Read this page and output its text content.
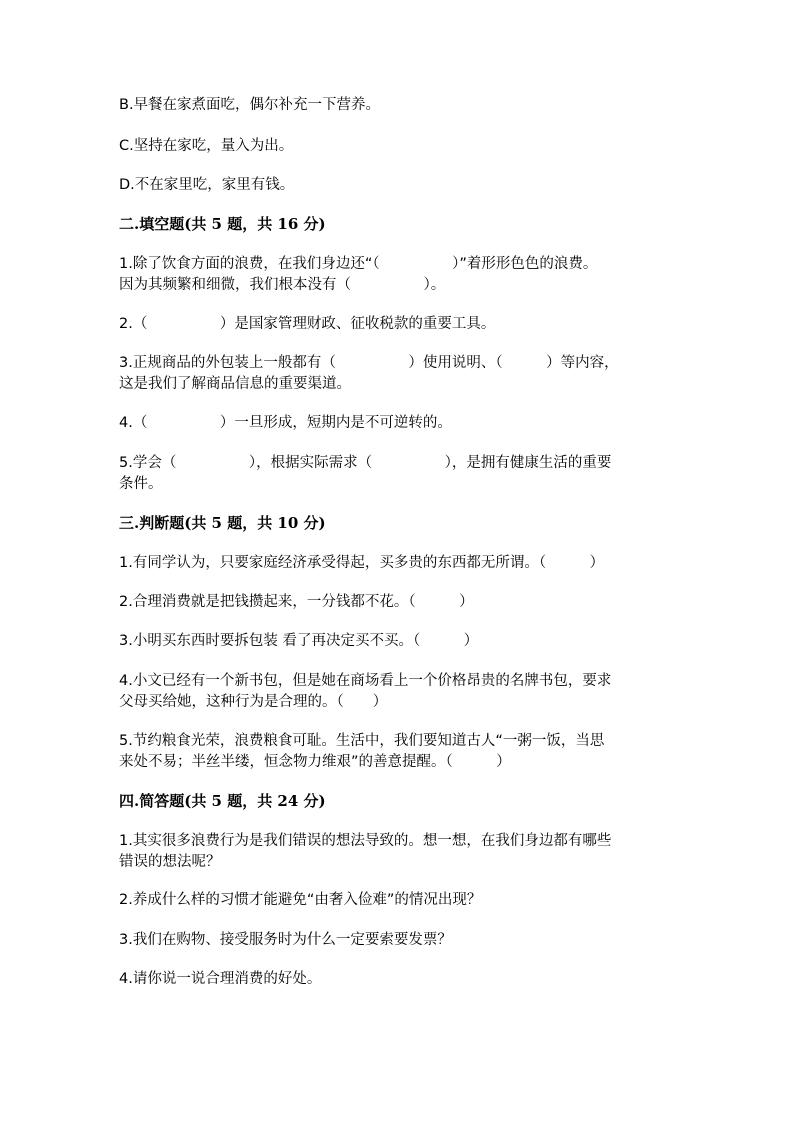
B.早餐在家煮面吃，偶尔补充一下营养。
C.坚持在家吃，量入为出。
D.不在家里吃，家里有钱。
二.填空题(共 5 题，共 16 分)
1.除了饮食方面的浪费，在我们身边还“（　　　　　）”着形形色色的浪费。
因为其频繁和细微，我们根本没有（　　　　　）。
2.（　　　　　）是国家管理财政、征收税款的重要工具。
3.正规商品的外包装上一般都有（　　　　　）使用说明、（　　　）等内容，
这是我们了解商品信息的重要渠道。
4.（　　　　　）一旦形成，短期内是不可逆转的。
5.学会（　　　　　），根据实际需求（　　　　　），是拥有健康生活的重要
条件。
三.判断题(共 5 题，共 10 分)
1.有同学认为，只要家庭经济承受得起，买多贵的东西都无所谓。（　　　）
2.合理消费就是把钱攒起来，一分钱都不花。（　　　）
3.小明买东西时要拆包装 看了再决定买不买。（　　　）
4.小文已经有一个新书包，但是她在商场看上一个价格昂贵的名牌书包，要求
父母买给她，这种行为是合理的。（　　）
5.节约粮食光荣，浪费粮食可耻。生活中，我们要知道古人“一粥一饭，当思
来处不易；半丝半缕，恒念物力维艰”的善意提醒。（　　　）
四.简答题(共 5 题，共 24 分)
1.其实很多浪费行为是我们错误的想法导致的。想一想，在我们身边都有哪些
错误的想法呢？
2.养成什么样的习惯才能避免“由奢入俭难”的情况出现？
3.我们在购物、接受服务时为什么一定要索要发票？
4.请你说一说合理消费的好处。
